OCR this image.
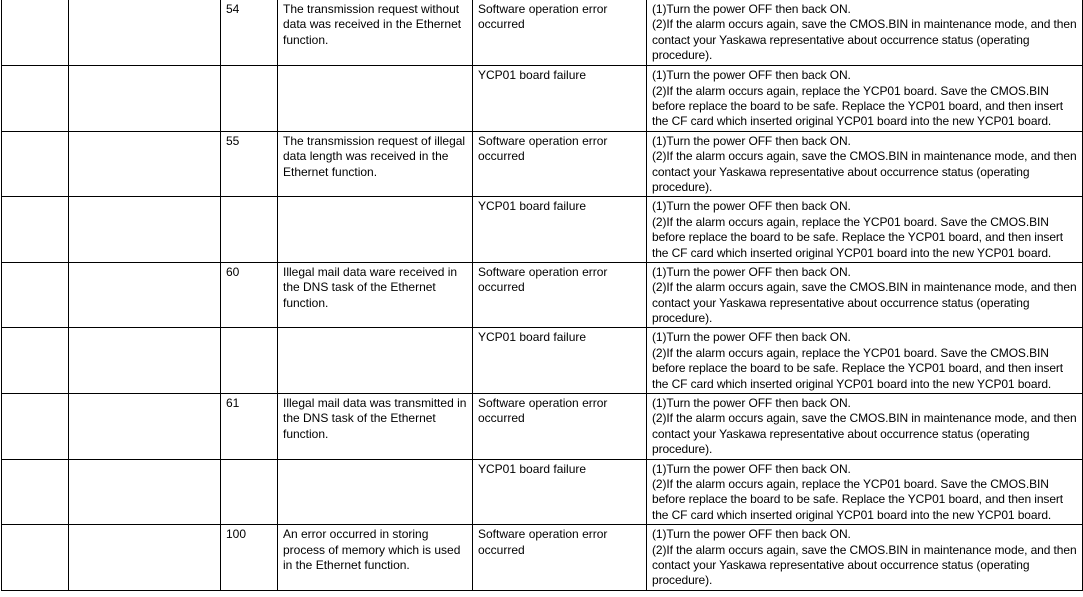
		54	The transmission request without data was received in the Ethernet function.	Software operation error occurred	(1)Turn the power OFF then back ON.
(2)If the alarm occurs again, save the CMOS.BIN in maintenance mode, and then contact your Yaskawa representative about occurrence status (operating procedure).

				YCP01 board failure	(1)Turn the power OFF then back ON.
(2)If the alarm occurs again, replace the YCP01 board. Save the CMOS.BIN before replace the board to be safe. Replace the YCP01 board, and then insert the CF card which inserted original YCP01 board into the new YCP01 board.

		55	The transmission request of illegal data length was received in the Ethernet function.	Software operation error occurred	(1)Turn the power OFF then back ON.
(2)If the alarm occurs again, save the CMOS.BIN in maintenance mode, and then contact your Yaskawa representative about occurrence status (operating procedure).

				YCP01 board failure	(1)Turn the power OFF then back ON.
(2)If the alarm occurs again, replace the YCP01 board. Save the CMOS.BIN before replace the board to be safe. Replace the YCP01 board, and then insert the CF card which inserted original YCP01 board into the new YCP01 board.

		60	Illegal mail data ware received in the DNS task of the Ethernet function.	Software operation error occurred	(1)Turn the power OFF then back ON.
(2)If the alarm occurs again, save the CMOS.BIN in maintenance mode, and then contact your Yaskawa representative about occurrence status (operating procedure).

				YCP01 board failure	(1)Turn the power OFF then back ON.
(2)If the alarm occurs again, replace the YCP01 board. Save the CMOS.BIN before replace the board to be safe. Replace the YCP01 board, and then insert the CF card which inserted original YCP01 board into the new YCP01 board.

		61	Illegal mail data was transmitted in the DNS task of the Ethernet function.	Software operation error occurred	(1)Turn the power OFF then back ON.
(2)If the alarm occurs again, save the CMOS.BIN in maintenance mode, and then contact your Yaskawa representative about occurrence status (operating procedure).

				YCP01 board failure	(1)Turn the power OFF then back ON.
(2)If the alarm occurs again, replace the YCP01 board. Save the CMOS.BIN before replace the board to be safe. Replace the YCP01 board, and then insert the CF card which inserted original YCP01 board into the new YCP01 board.

		100	An error occurred in storing process of memory which is used in the Ethernet function.	Software operation error occurred	(1)Turn the power OFF then back ON.
(2)If the alarm occurs again, save the CMOS.BIN in maintenance mode, and then contact your Yaskawa representative about occurrence status (operating procedure).
